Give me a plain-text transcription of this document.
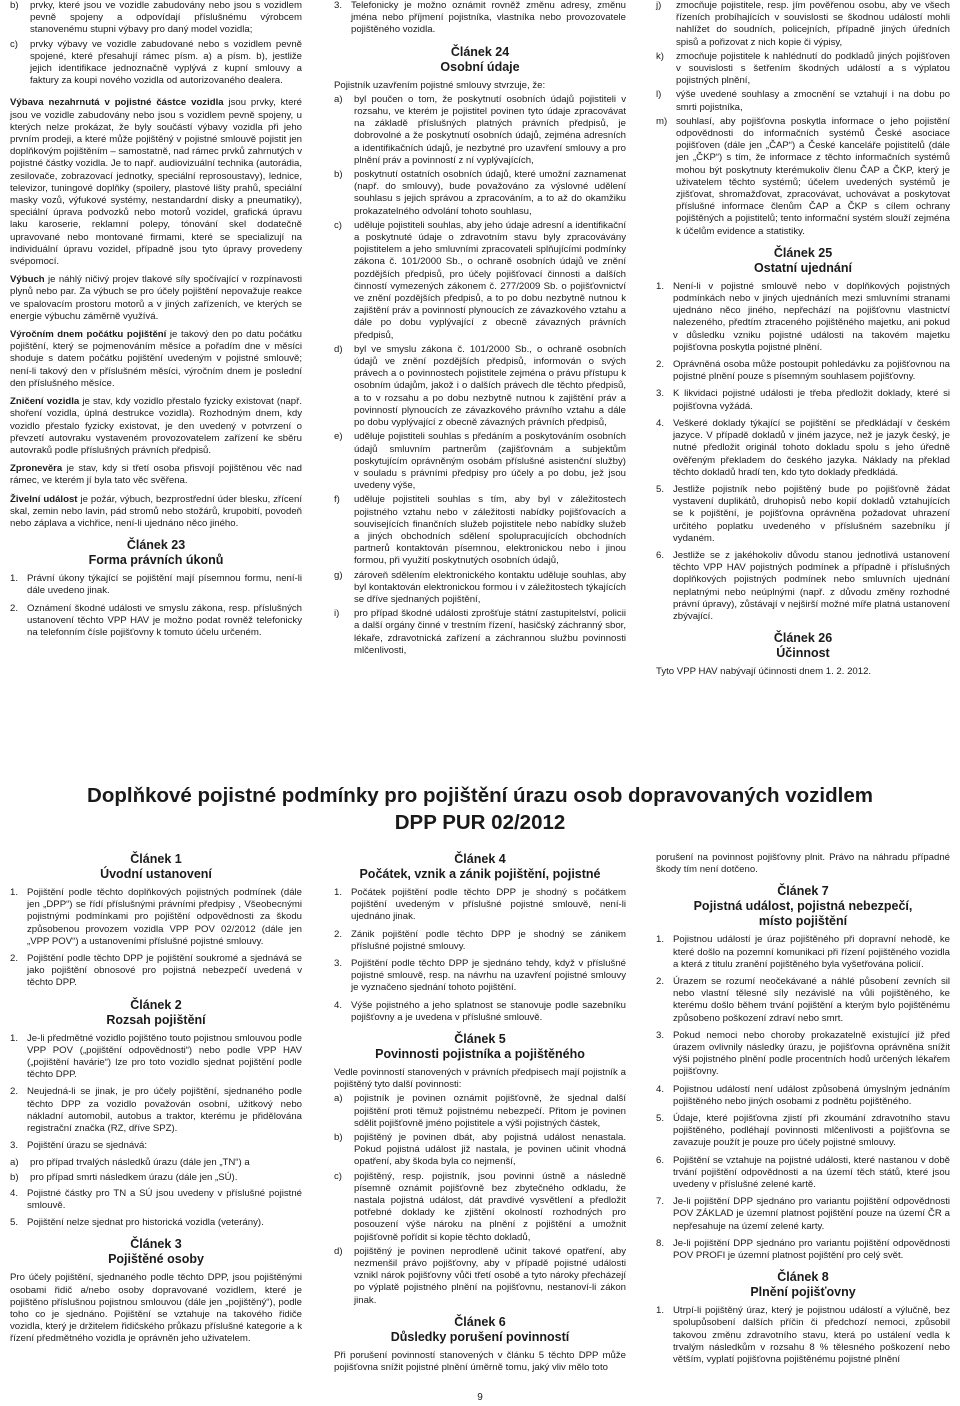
b)	prvky, které jsou ve vozidle zabudovány nebo jsou s vozidlem pevně spojeny a odpovídají příslušnému výrobcem stanovenému stupni výbavy pro daný model vozidla;
c)	prvky výbavy ve vozidle zabudované nebo s vozidlem pevně spojené, které přesahují rámec písm. a) a písm. b), jestliže jejich identifikace jednoznačně vyplývá z kupní smlouvy a faktury za koupi nového vozidla od autorizovaného dealera.

Výbava nezahrnutá v pojistné částce vozidla jsou prvky, které jsou ve vozidle zabudovány nebo jsou s vozidlem pevně spojeny, u kterých nelze prokázat, že byly součástí výbavy vozidla při jeho prvním prodeji, a které může pojištěný v pojistné smlouvě pojistit jen doplňkovým pojištěním – samostatně, nad rámec prvků zahrnutých v pojistné částky vozidla. Je to např. audiovizuální technika (autorádia, zesilovače, zobrazovací jednotky, speciální reprosoustavy), lednice, televizor, tuningové doplňky (spoilery, plastové lišty prahů, speciální masky vozů, výfukové systémy, nestandardní disky a pneumatiky), speciální úprava podvozků nebo motorů vozidel, grafická úpravu laku karoserie, reklamní polepy, tónování skel dodatečně upravované nebo montované firmami, které se specializují na individuální úpravu vozidel, případně jsou tyto úpravy provedeny svépomocí.

Výbuch je náhlý ničivý projev tlakové síly spočívající v rozpínavosti plynů nebo par. Za výbuch se pro účely pojištění nepovažuje reakce ve spalovacím prostoru motorů a v jiných zařízeních, ve kterých se energie výbuchu záměrně využívá.

Výročním dnem počátku pojištění je takový den po datu počátku pojištění, který se pojmenováním měsíce a pořadím dne v měsíci shoduje s datem počátku pojištění uvedeným v pojistné smlouvě; není-li takový den v příslušném měsíci, výročním dnem je poslední den příslušného měsíce.

Zničení vozidla je stav, kdy vozidlo přestalo fyzicky existovat (např. shoření vozidla, úplná destrukce vozidla). Rozhodným dnem, kdy vozidlo přestalo fyzicky existovat, je den uvedený v potvrzení o převzetí autovraku vystaveném provozovatelem zařízení ke sběru autovraků podle příslušných právních předpisů.

Zpronevěra je stav, kdy si třetí osoba přisvojí pojištěnou věc nad rámec, ve kterém jí byla tato věc svěřena.

Živelní událost je požár, výbuch, bezprostřední úder blesku, zřícení skal, zemin nebo lavin, pád stromů nebo stožárů, krupobití, povodeň nebo záplava a vichřice, není-li ujednáno něco jiného.

Článek 23
Forma právních úkonů
1. Právní úkony týkající se pojištění mají písemnou formu, není-li dále uvedeno jinak.
2. Oznámení škodné události ve smyslu zákona, resp. příslušných ustanovení těchto VPP HAV je možno podat rovněž telefonicky na telefonním čísle pojišťovny k tomuto účelu určeném.
3. Telefonicky je možno oznámit rovněž změnu adresy, změnu jména nebo příjmení pojistníka, vlastníka nebo provozovatele pojištěného vozidla.
Článek 24
Osobní údaje

Pojistník uzavřením pojistné smlouvy stvrzuje, že:

a)	byl poučen o tom, že poskytnutí osobních údajů pojistiteli v rozsahu, ve kterém je pojistitel povinen tyto údaje zpracovávat na základě příslušných platných právních předpisů, je dobrovolné a že poskytnutí osobních údajů, zejména adresních a identifikačních údajů, je nezbytné pro uzavření smlouvy a pro plnění práv a povinností z ní vyplývajících,
b)	poskytnutí ostatních osobních údajů, které umožní zaznamenat (např. do smlouvy), bude považováno za výslovné udělení souhlasu s jejich správou a zpracováním, a to až do okamžiku prokazatelného odvolání tohoto souhlasu,
c)	uděluje pojistiteli souhlas, aby jeho údaje adresní a identifikační a poskytnuté údaje o zdravotním stavu byly zpracovávány pojistitelem a jeho smluvními zpracovateli splňujícími podmínky zákona č. 101/2000 Sb., o ochraně osobních údajů ve znění pozdějších předpisů, pro účely pojišťovací činnosti a dalších činností vymezených zákonem č. 277/2009 Sb. o pojišťovnictví ve znění pozdějších předpisů, a to po dobu nezbytně nutnou k zajištění práv a povinností plynoucích ze závazkového vztahu a dále po dobu vyplývající z obecně závazných právních předpisů,
d)	byl ve smyslu zákona č. 101/2000 Sb., o ochraně osobních údajů ve znění pozdějších předpisů, informován o svých právech a o povinnostech pojistitele zejména o právu přístupu k osobním údajům, jakož i o dalších právech dle těchto předpisů, a to v rozsahu a po dobu nezbytně nutnou k zajištění práv a povinností plynoucích ze závazkového právního vztahu a dále po dobu vyplývající z obecně závazných právních předpisů,
e)	uděluje pojistiteli souhlas s předáním a poskytováním osobních údajů smluvním partnerům (zajišťovnám a subjektům poskytujícím oprávněným osobám příslušné asistenční služby) v souladu s právními předpisy pro účely a po dobu, jež jsou uvedeny výše,
f)	uděluje pojistiteli souhlas s tím, aby byl v záležitostech pojistného vztahu nebo v záležitosti nabídky pojišťovacích a souvisejících finančních služeb pojistitele nebo nabídky služeb a jiných obchodních sdělení spolupracujících obchodních partnerů kontaktován písemnou, elektronickou nebo i jinou formou, při využití poskytnutých osobních údajů,
g)	zároveň sdělením elektronického kontaktu uděluje souhlas, aby byl kontaktován elektronickou formou i v záležitostech týkajících se dříve sjednaných pojištění,
i)	pro případ škodné události zprošťuje státní zastupitelství, policii a další orgány činné v trestním řízení, hasičský záchranný sbor, lékaře, zdravotnická zařízení a záchrannou službu povinnosti mlčenlivosti,
j)	zmocňuje pojistitele, resp. jím pověřenou osobu, aby ve všech řízeních probíhajících v souvislosti se škodnou událostí mohli nahlížet do soudních, policejních, případně jiných úředních spisů a pořizovat z nich kopie či výpisy,
k)	zmocňuje pojistitele k nahlédnutí do podkladů jiných pojišťoven v souvislosti s šetřením škodných událostí a s výplatou pojistných plnění,
l)	výše uvedené souhlasy a zmocnění se vztahují i na dobu po smrti pojistníka,
m) souhlasí, aby pojišťovna poskytla informace o jeho pojistění odpovědnosti do informačních systémů České asociace pojišťoven (dále jen „ČAP“) a České kanceláře pojistitelů (dále jen „ČKP“) s tím, že informace z těchto informačních systémů mohou být poskytnuty kterémukoliv členu ČAP a ČKP, který je uživatelem těchto systémů; účelem uvedených systémů je zjišťovat, shromažďovat, zpracovávat, uchovávat a poskytovat příslušné informace členům ČAP a ČKP s cílem ochrany pojištěných a pojistitelů; tento informační systém slouží zejména k účelům evidence a statistiky.
Článek 25
Ostatní ujednání
1. Není-li v pojistné smlouvě nebo v doplňkových pojistných podmínkách nebo v jiných ujednáních mezi smluvními stranami ujednáno něco jiného, nepřechází na pojišťovnu vlastnictví nalezeného, předtím ztraceného pojištěného majetku, ani pokud v důsledku vzniku pojistné události na takovém majetku pojišťovna poskytla pojistné plnění.
2. Oprávněná osoba může postoupit pohledávku za pojišťovnou na pojistné plnění pouze s písemným souhlasem pojišťovny.
3. K likvidaci pojistné události je třeba předložit doklady, které si pojišťovna vyžádá.
4. Veškeré doklady týkající se pojištění se předkládají v českém jazyce. V případě dokladů v jiném jazyce, než je jazyk český, je nutné předložit originál tohoto dokladu spolu s jeho úředně ověřeným překladem do českého jazyka. Náklady na překlad těchto dokladů hradí ten, kdo tyto doklady předkládá.
5. Jestliže pojistník nebo pojištěný bude po pojišťovně žádat vystavení duplikátů, druhopisů nebo kopií dokladů vztahujících se k pojištění, je pojišťovna oprávněna požadovat uhrazení určitého poplatku uvedeného v příslušném sazebníku jí vydaném.
6. Jestliže se z jakéhokoliv důvodu stanou jednotlivá ustanovení těchto VPP HAV pojistných podmínek a případně i příslušných doplňkových pojistných podmínek nebo smluvních ujednání neplatnými nebo neúplnými (např. z důvodu změny rozhodné právní úpravy), zůstávají v nejširší možné míře platná ustanovení zbývající.
Článek 26
Účinnost

Tyto VPP HAV nabývají účinnosti dnem 1. 2. 2012.

Doplňkové pojistné podmínky pro pojištění úrazu osob dopravovaných vozidlem
DPP PUR 02/2012
Článek 1
Úvodní ustanovení
1. Pojištění podle těchto doplňkových pojistných podmínek (dále jen „DPP“) se řídí příslušnými právními předpisy , Všeobecnými pojistnými podmínkami pro pojištění odpovědnosti za škodu způsobenou provozem vozidla VPP POV 02/2012 (dále jen „VPP POV“) a ustanoveními příslušné pojistné smlouvy.
2. Pojištění podle těchto DPP je pojištění soukromé a sjednává se jako pojištění obnosové pro pojistná nebezpečí uvedená v těchto DPP.
Článek 2
Rozsah pojištění
1. Je-li předmětné vozidlo pojištěno touto pojistnou smlouvou podle VPP POV („pojištění odpovědnosti“) nebo podle VPP HAV („pojištění havárie“) lze pro toto vozidlo sjednat pojištění podle těchto DPP.
2. Neujedná-li se jinak, je pro účely pojištění, sjednaného podle těchto DPP za vozidlo považován osobní, užitkový nebo nákladní automobil, autobus a traktor, kterému je přidělována registrační značka (RZ, dříve SPZ).
3. Pojištění úrazu se sjednává:
a)	pro případ trvalých následků úrazu (dále jen „TN“) a
b)	pro případ smrti následkem úrazu (dále jen „SÚ).
4. Pojistné částky pro TN a SÚ jsou uvedeny v příslušné pojistné smlouvě.
5. Pojištění nelze sjednat pro historická vozidla (veterány).
Článek 3
Pojištěné osoby

Pro účely pojištění, sjednaného podle těchto DPP, jsou pojištěnými osobami řidič a/nebo osoby dopravované vozidlem, které je pojištěno příslušnou pojistnou smlouvou (dále jen „pojištěný“), podle toho co je sjednáno. Pojištění se vztahuje na takového řidiče vozidla, který je držitelem řidičského průkazu příslušné kategorie a k řízení předmětného vozidla je oprávněn jeho uživatelem.

Článek 4
Počátek, vznik a zánik pojištění, pojistné
1. Počátek pojištění podle těchto DPP je shodný s počátkem pojištění uvedeným v příslušné pojistné smlouvě, není-li ujednáno jinak.
2. Zánik pojištění podle těchto DPP je shodný se zánikem příslušné pojistné smlouvy.
3. Pojištění podle těchto DPP je sjednáno tehdy, když v příslušné pojistné smlouvě, resp. na návrhu na uzavření pojistné smlouvy je vyznačeno sjednání tohoto pojištění.
4. Výše pojistného a jeho splatnost se stanovuje podle sazebníku pojišťovny a je uvedena v příslušné smlouvě.
Článek 5
Povinnosti pojistníka a pojištěného

Vedle povinností stanovených v právních předpisech mají pojistník a pojištěný tyto další povinnosti:

a)	pojistník je povinen oznámit pojišťovně, že sjednal další pojištění proti těmuž pojistnému nebezpečí. Přitom je povinen sdělit pojišťovně jméno pojistitele a výši pojistných částek,
b)	pojištěný je povinen dbát, aby pojistná událost nenastala. Pokud pojistná událost již nastala, je povinen učinit vhodná opatření, aby škoda byla co nejmenší,
c)	pojištěný, resp. pojistník, jsou povinni ústně a následně písemně oznámit pojišťovně bez zbytečného odkladu, že nastala pojistná událost, dát pravdivé vysvětlení a předložit potřebné doklady ke zjištění okolností rozhodných pro posouzení výše nároku na plnění z pojištění a umožnit pojišťovně pořídit si kopie těchto dokladů,
d)	pojištěný je povinen neprodleně učinit takové opatření, aby nezmenšil právo pojišťovny, aby v případě pojistné události vznikl nárok pojišťovny vůči třetí osobě a tyto nároky přecházejí po výplatě pojistného plnění na pojišťovnu, nestanoví-li zákon jinak.
Článek 6
Důsledky porušení povinností

Při porušení povinností stanovených v článku 5 těchto DPP může pojišťovna snížit pojistné plnění úměrně tomu, jaký vliv mělo toto

porušení na povinnost pojišťovny plnit. Právo na náhradu případné škody tím není dotčeno.

Článek 7
Pojistná událost, pojistná nebezpečí,
místo pojištění
1. Pojistnou událostí je úraz pojištěného při dopravní nehodě, ke které došlo na pozemní komunikaci při řízení pojištěného vozidla a která z titulu zranění pojištěného byla vyšetřována policií.
2. Úrazem se rozumí neočekávané a náhlé působení zevních sil nebo vlastní tělesné síly nezávislé na vůli pojištěného, ke kterému došlo během trvání pojištění a kterým bylo pojištěnému způsobeno poškození zdraví nebo smrt.
3. Pokud nemoci nebo choroby prokazatelně existující již před úrazem ovlivnily následky úrazu, je pojišťovna oprávněna snížit výši pojistného plnění podle procentních hodů určených lékařem pojišťovny.
4. Pojistnou událostí není událost způsobená úmyslným jednáním pojištěného nebo jiných osobami z podnětu pojištěného.
5. Údaje, které pojišťovna zjistí při zkoumání zdravotního stavu pojištěného, podléhají povinnosti mlčenlivosti a pojišťovna se zavazuje použít je pouze pro účely pojistné smlouvy.
6. Pojištění se vztahuje na pojistné události, které nastanou v době trvání pojištění odpovědnosti a na území těch států, které jsou uvedeny v příslušné zelené kartě.
7. Je-li pojištění DPP sjednáno pro variantu pojištění odpovědnosti POV ZÁKLAD je územní platnost pojištění pouze na území ČR a nepřesahuje na území zelené karty.
8. Je-li pojištění DPP sjednáno pro variantu pojištění odpovědnosti POV PROFI je územní platnost pojištění pro celý svět.
Článek 8
Plnění pojišťovny
1. Utrpí-li pojištěný úraz, který je pojistnou událostí a výlučně, bez spolupůsobení dalších příčin či předchozí nemoci, způsobil takovou změnu zdravotního stavu, která po ustálení vedla k trvalým následkům v rozsahu 8 % tělesného poškození nebo větším, vyplatí pojišťovna pojištěnému pojistné plnění
9
